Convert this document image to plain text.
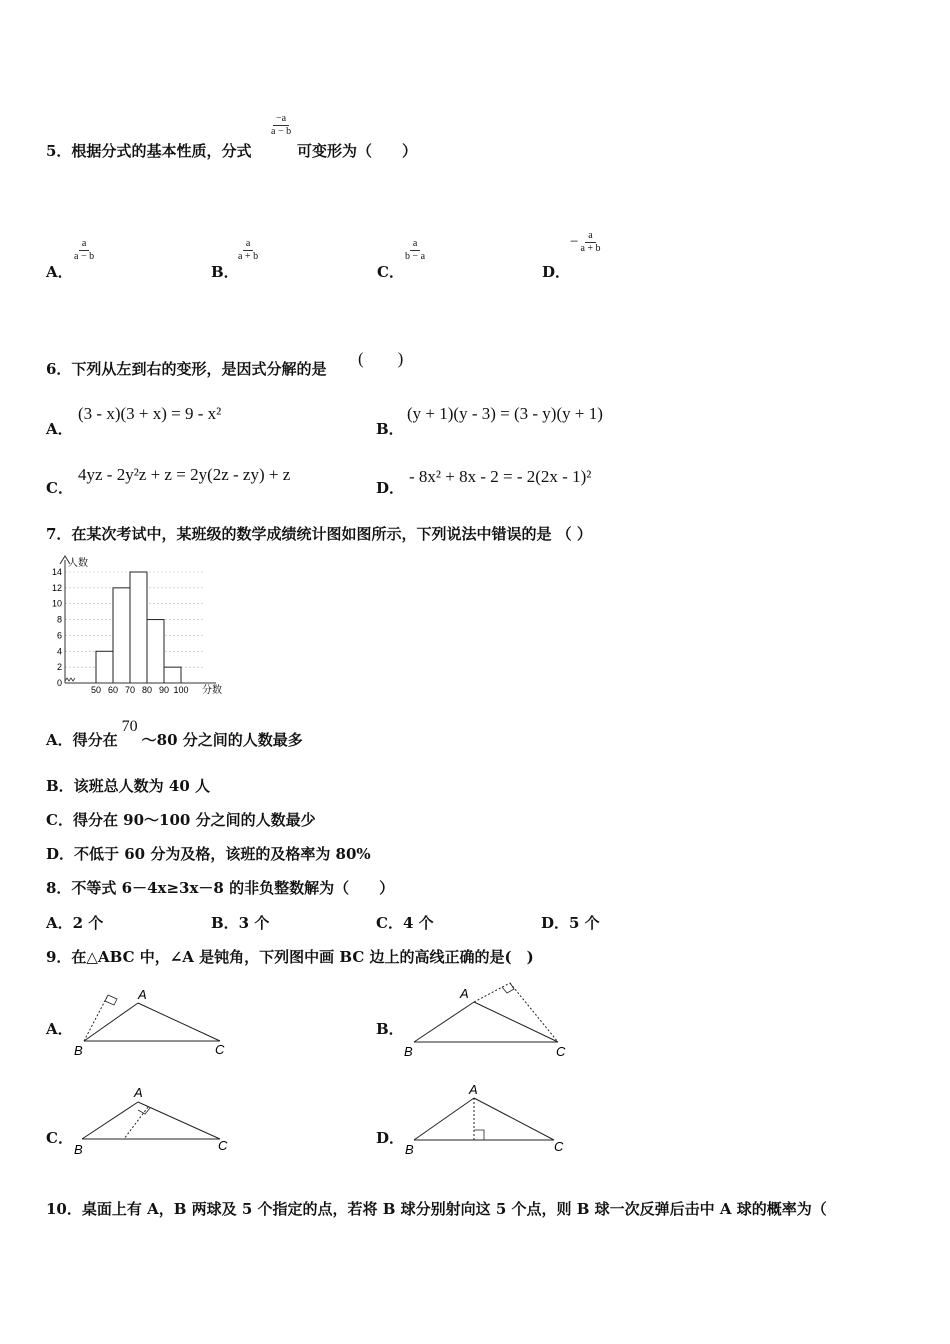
$\frac{-a}{a - b}$
5．根据分式的基本性质，分式	可变形为（　　）
A．
$\frac{a}{a - b}$
B．
$\frac{a}{a + b}$
C．
$\frac{a}{b - a}$
D．
− $\frac{a}{a + b}$
6．下列从左到右的变形，是因式分解的是
(　　)
A．
(3 - x)(3 + x) = 9 - x²
B．
(y + 1)(y - 3) = (3 - y)(y + 1)
C．
4yz - 2y²z + z = 2y(2z - zy) + z
D．
- 8x² + 8x - 2 = - 2(2x - 1)²
7．在某次考试中，某班级的数学成绩统计图如图所示，下列说法中错误的是 （ ）
人数
分数
0
2
4
6
8
10
12
14
50 60 70 80 90 100
A．得分在70～80 分之间的人数最多
B．该班总人数为 40 人
C．得分在 90～100 分之间的人数最少
D．不低于 60 分为及格，该班的及格率为 80%
8．不等式 6－4x≥3x－8 的非负整数解为（　　）
A．2 个	B．3 个	C．4 个	D．5 个
9．在△ABC 中，∠A 是钝角，下列图中画 BC 边上的高线正确的是(　)
A．
A
B	C
B．
A
B	C
C．
A
B	C	D．
A
B	C
10．桌面上有 A，B 两球及 5 个指定的点，若将 B 球分别射向这 5 个点，则 B 球一次反弹后击中 A 球的概率为（
